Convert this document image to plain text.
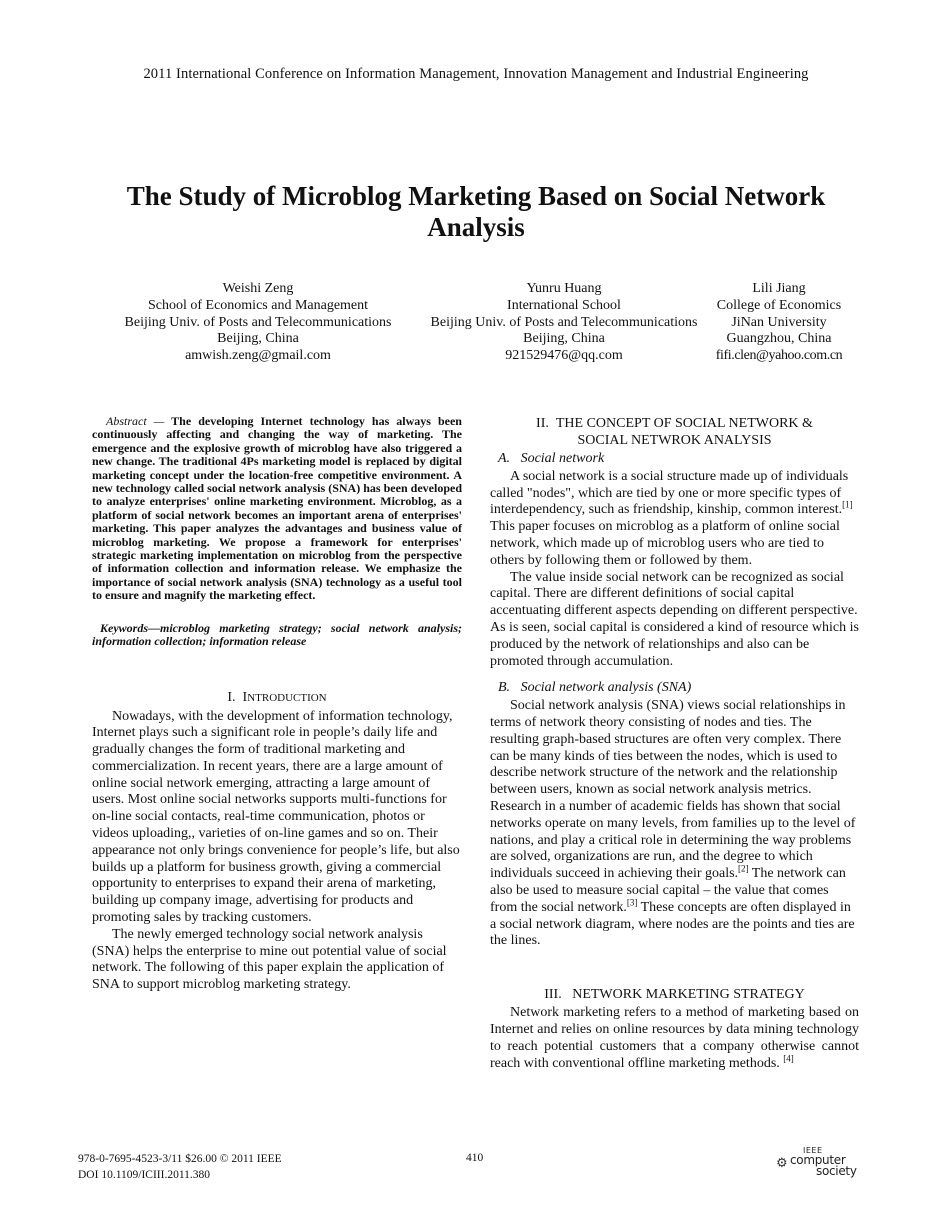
2011 International Conference on Information Management, Innovation Management and Industrial Engineering
The Study of Microblog Marketing Based on Social Network
Analysis
Weishi Zeng
School of Economics and Management
Beijing Univ. of Posts and Telecommunications
Beijing, China
amwish.zeng@gmail.com
Yunru Huang
International School
Beijing Univ. of Posts and Telecommunications
Beijing, China
921529476@qq.com
Lili Jiang
College of Economics
JiNan University
Guangzhou, China
fifi.clen@yahoo.com.cn

Abstract — The developing Internet technology has always been continuously affecting and changing the way of marketing. The emergence and the explosive growth of microblog have also triggered a new change. The traditional 4Ps marketing model is replaced by digital marketing concept under the location-free competitive environment. A new technology called social network analysis (SNA) has been developed to analyze enterprises' online marketing environment. Microblog, as a platform of social network becomes an important arena of enterprises' marketing. This paper analyzes the advantages and business value of microblog marketing. We propose a framework for enterprises' strategic marketing implementation on microblog from the perspective of information collection and information release. We emphasize the importance of social network analysis (SNA) technology as a useful tool to ensure and magnify the marketing effect.

Keywords—microblog marketing strategy; social network analysis; information collection; information release

I. INTRODUCTION

Nowadays, with the development of information technology, Internet plays such a significant role in people’s daily life and gradually changes the form of traditional marketing and commercialization. In recent years, there are a large amount of online social network emerging, attracting a large amount of users. Most online social networks supports multi-functions for on-line social contacts, real-time communication, photos or videos uploading,, varieties of on-line games and so on. Their appearance not only brings convenience for people’s life, but also builds up a platform for business growth, giving a commercial opportunity to enterprises to expand their arena of marketing, building up company image, advertising for products and promoting sales by tracking customers.

The newly emerged technology social network analysis (SNA) helps the enterprise to mine out potential value of social network. The following of this paper explain the application of SNA to support microblog marketing strategy.

II. THE CONCEPT OF SOCIAL NETWORK &
SOCIAL NETWROK ANALYSIS

A. Social network

A social network is a social structure made up of individuals called "nodes", which are tied by one or more specific types of interdependency, such as friendship, kinship, common interest.[1] This paper focuses on microblog as a platform of online social network, which made up of microblog users who are tied to others by following them or followed by them.

The value inside social network can be recognized as social capital. There are different definitions of social capital accentuating different aspects depending on different perspective. As is seen, social capital is considered a kind of resource which is produced by the network of relationships and also can be promoted through accumulation.

B. Social network analysis (SNA)

Social network analysis (SNA) views social relationships in terms of network theory consisting of nodes and ties. The resulting graph-based structures are often very complex. There can be many kinds of ties between the nodes, which is used to describe network structure of the network and the relationship between users, known as social network analysis metrics. Research in a number of academic fields has shown that social networks operate on many levels, from families up to the level of nations, and play a critical role in determining the way problems are solved, organizations are run, and the degree to which individuals succeed in achieving their goals.[2] The network can also be used to measure social capital – the value that comes from the social network.[3] These concepts are often displayed in a social network diagram, where nodes are the points and ties are the lines.

III. NETWORK MARKETING STRATEGY

Network marketing refers to a method of marketing based on Internet and relies on online resources by data mining technology to reach potential customers that a company otherwise cannot reach with conventional offline marketing methods. [4]

978-0-7695-4523-3/11 $26.00 © 2011 IEEE
DOI 10.1109/ICIII.2011.380
410	⚙
IEEE
computer
society
